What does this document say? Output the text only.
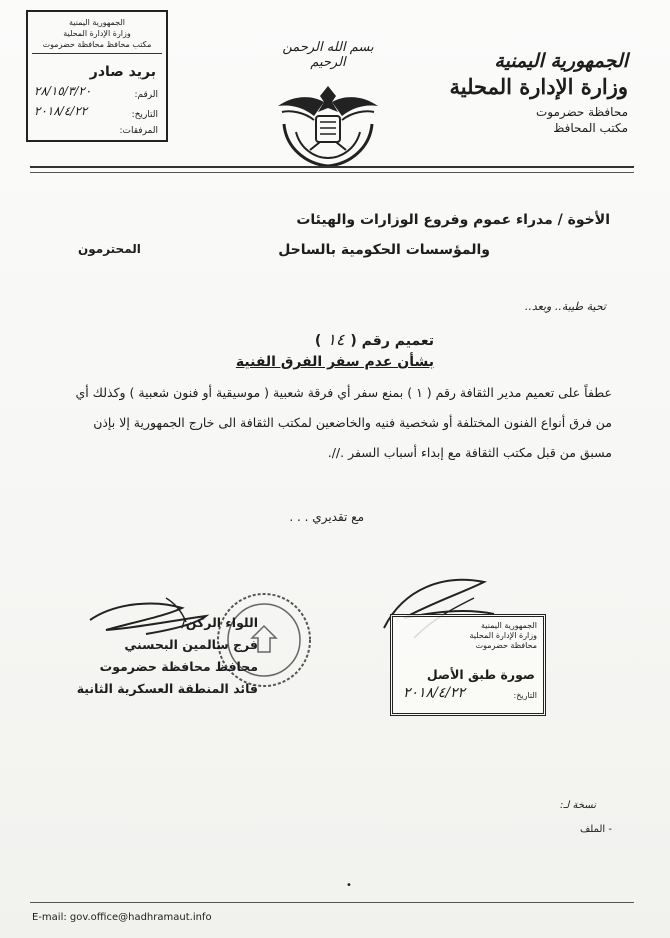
الجمهورية اليمنية
وزارة الإدارة المحلية
محافظة حضرموت
مكتب المحافظ
بسم الله الرحمن الرحيم
الجمهورية اليمنية
وزارة الإدارة المحلية
مكتب محافظ محافظة حضرموت
بريد صادر
الرقم:
٢٨/١٥/٣/٢٠
التاريخ:
٢٠١٨/٤/٢٢
المرفقات:
الأخوة / مدراء عموم وفروع الوزارات والهيئات
والمؤسسات الحكومية بالساحل
المحترمون
تحية طيبة.. وبعد..
تعميم رقم (١٤)
بشأن عدم سفر الفرق الفنية
عطفاً على تعميم مدير الثقافة رقم ( ١ ) بمنع سفر أي فرقة شعبية ( موسيقية أو فنون شعبية ) وكذلك أي من فرق أنواع الفنون المختلفة أو شخصية فنيه والخاضعين لمكتب الثقافة الى خارج الجمهورية إلا بإذن مسبق من قبل مكتب الثقافة مع إبداء أسباب السفر .//.
مع تقديري . . .
اللواء الركن/
فرج سالمين البحسني
محافظ محافظة حضرموت
قائد المنطقة العسكرية الثانية
الجمهورية اليمنية
وزارة الإدارة المحلية
محافظة حضرموت
صورة طبق الأصل
التاريخ:
٢٠١٨/٤/٢٢
نسخة لـ:
- الملف
•
E-mail: gov.office@hadhramaut.info
